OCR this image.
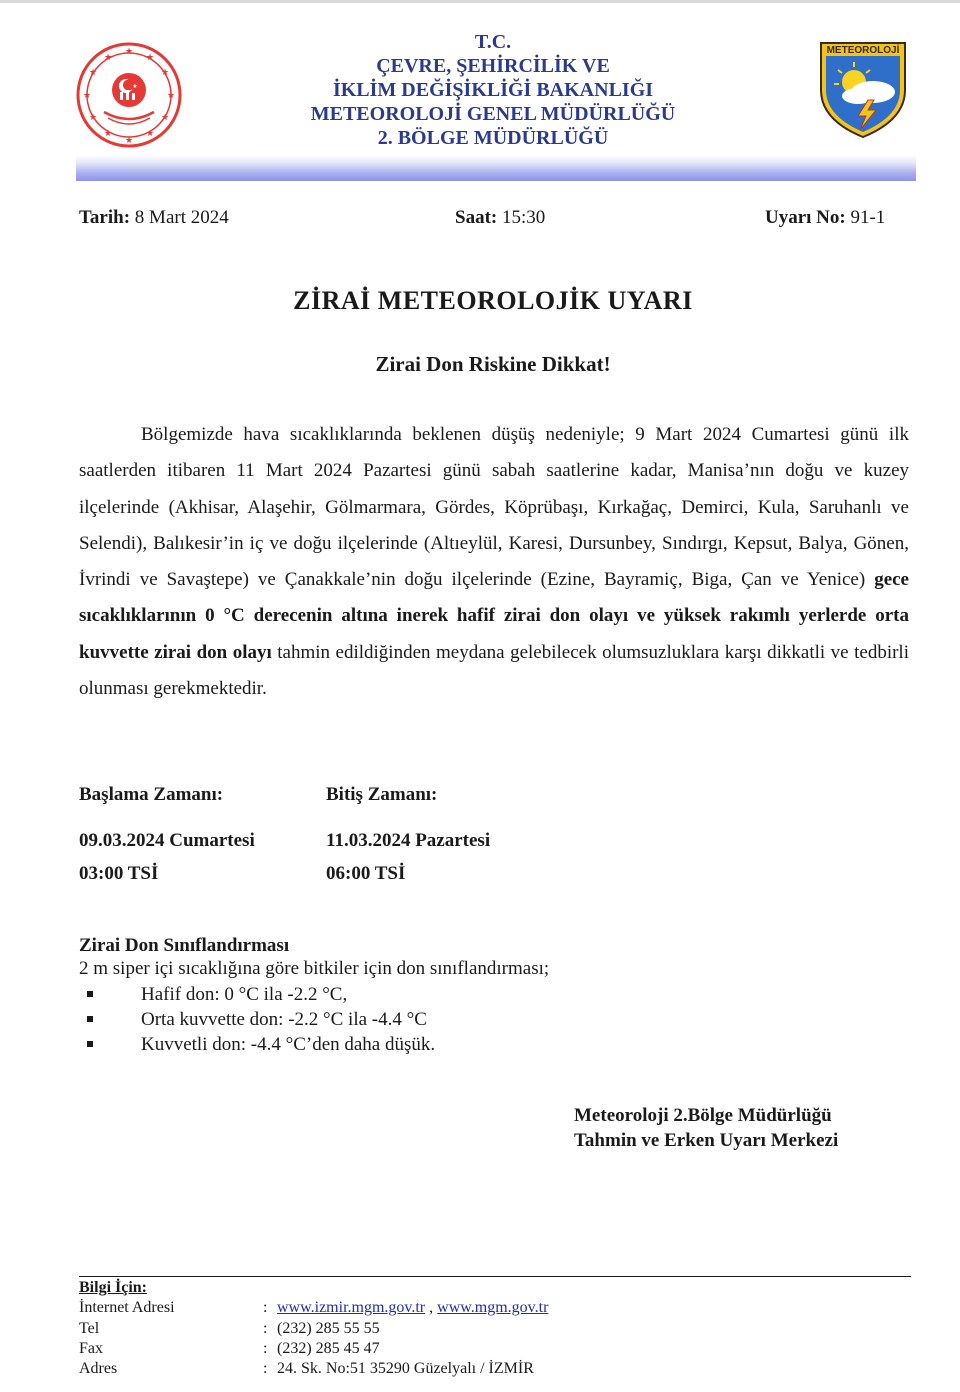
★
★
★
★
★
★
★
★
★
★
★
★
★
T.C.
ÇEVRE, ŞEHİRCİLİK VE
İKLİM DEĞİŞİKLİĞİ BAKANLIĞI
METEOROLOJİ GENEL MÜDÜRLÜĞÜ
2. BÖLGE MÜDÜRLÜĞÜ
METEOROLOJİ
Tarih: 8 Mart 2024	Saat: 15:30	Uyarı No: 91-1
ZİRAİ METEOROLOJİK UYARI
Zirai Don Riskine Dikkat!
Bölgemizde hava sıcaklıklarında beklenen düşüş nedeniyle; 9 Mart 2024 Cumartesi günü ilk saatlerden itibaren 11 Mart 2024 Pazartesi günü sabah saatlerine kadar, Manisa’nın doğu ve kuzey ilçelerinde (Akhisar, Alaşehir, Gölmarmara, Gördes, Köprübaşı, Kırkağaç, Demirci, Kula, Saruhanlı ve Selendi), Balıkesir’in iç ve doğu ilçelerinde (Altıeylül, Karesi, Dursunbey, Sındırgı, Kepsut, Balya, Gönen, İvrindi ve Savaştepe) ve Çanakkale’nin doğu ilçelerinde (Ezine, Bayramiç, Biga, Çan ve Yenice) gece sıcaklıklarının 0 °C derecenin altına inerek hafif zirai don olayı ve yüksek rakımlı yerlerde orta kuvvette zirai don olayı tahmin edildiğinden meydana gelebilecek olumsuzluklara karşı dikkatli ve tedbirli olunması gerekmektedir.
Başlama Zamanı:	Bitiş Zamanı:
09.03.2024 Cumartesi	11.03.2024 Pazartesi
03:00 TSİ	06:00 TSİ
Zirai Don Sınıflandırması
2 m siper içi sıcaklığına göre bitkiler için don sınıflandırması;
Hafif don: 0 °C ila -2.2 °C,
Orta kuvvette don: -2.2 °C ila -4.4 °C
Kuvvetli don: -4.4 °C’den daha düşük.
Meteoroloji 2.Bölge Müdürlüğü
Tahmin ve Erken Uyarı Merkezi
Bilgi İçin:
İnternet Adresi	: www.izmir.mgm.gov.tr , www.mgm.gov.tr
Tel	: (232) 285 55 55
Fax	: (232) 285 45 47
Adres	: 24. Sk. No:51 35290 Güzelyalı / İZMİR
